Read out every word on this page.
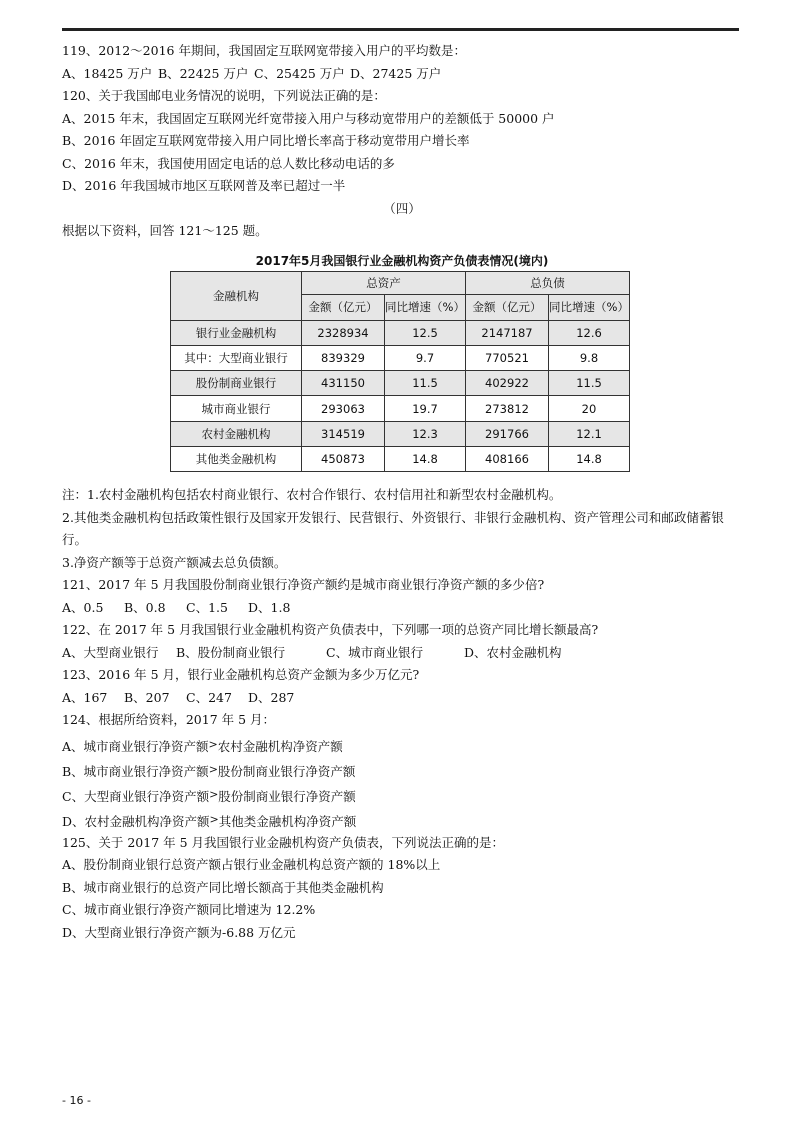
119、2012～2016 年期间，我国固定互联网宽带接入用户的平均数是：
A、18425 万户 B、22425 万户 C、25425 万户 D、27425 万户
120、关于我国邮电业务情况的说明，下列说法正确的是：
A、2015 年末，我国固定互联网光纤宽带接入用户与移动宽带用户的差额低于 50000 户
B、2016 年固定互联网宽带接入用户同比增长率高于移动宽带用户增长率
C、2016 年末，我国使用固定电话的总人数比移动电话的多
D、2016 年我国城市地区互联网普及率已超过一半
（四）
根据以下资料，回答 121～125 题。
2017年5月我国银行业金融机构资产负债表情况(境内)
金融机构	总资产		总负债	
	金额（亿元）	同比增速（%）	金额（亿元）	同比增速（%）
银行业金融机构	2328934	12.5	2147187	12.6
其中：大型商业银行	839329	9.7	770521	9.8
股份制商业银行	431150	11.5	402922	11.5
城市商业银行	293063	19.7	273812	20
农村金融机构	314519	12.3	291766	12.1
其他类金融机构	450873	14.8	408166	14.8
注：1.农村金融机构包括农村商业银行、农村合作银行、农村信用社和新型农村金融机构。
2.其他类金融机构包括政策性银行及国家开发银行、民营银行、外资银行、非银行金融机构、资产管理公司和邮政储蓄银行。
3.净资产额等于总资产额减去总负债额。
121、2017 年 5 月我国股份制商业银行净资产额约是城市商业银行净资产额的多少倍?
A、0.5 B、0.8 C、1.5 D、1.8
122、在 2017 年 5 月我国银行业金融机构资产负债表中，下列哪一项的总资产同比增长额最高?
A、大型商业银行 B、股份制商业银行	C、城市商业银行	D、农村金融机构
123、2016 年 5 月，银行业金融机构总资产金额为多少万亿元?
A、167 B、207 C、247 D、287
124、根据所给资料，2017 年 5 月：
A、城市商业银行净资产额>农村金融机构净资产额
B、城市商业银行净资产额>股份制商业银行净资产额
C、大型商业银行净资产额>股份制商业银行净资产额
D、农村金融机构净资产额>其他类金融机构净资产额
125、关于 2017 年 5 月我国银行业金融机构资产负债表，下列说法正确的是：
A、股份制商业银行总资产额占银行业金融机构总资产额的 18%以上
B、城市商业银行的总资产同比增长额高于其他类金融机构
C、城市商业银行净资产额同比增速为 12.2%
D、大型商业银行净资产额为-6.88 万亿元
- 16 -
